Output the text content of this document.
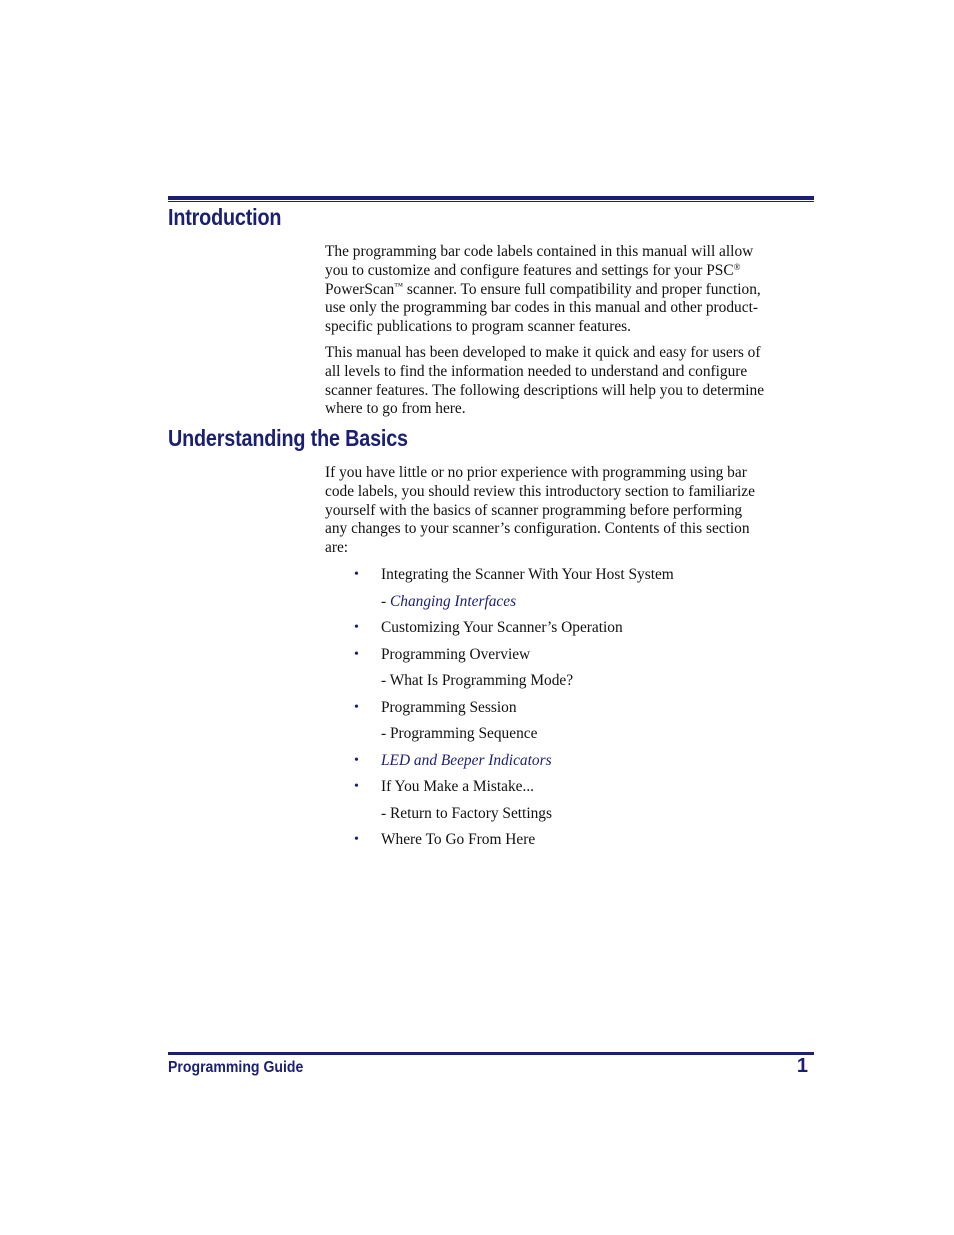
Introduction

The programming bar code labels contained in this manual will allow
you to customize and configure features and settings for your PSC®
PowerScan™ scanner. To ensure full compatibility and proper function,
use only the programming bar codes in this manual and other product-
specific publications to program scanner features.

This manual has been developed to make it quick and easy for users of
all levels to find the information needed to understand and configure
scanner features. The following descriptions will help you to determine
where to go from here.

Understanding the Basics

If you have little or no prior experience with programming using bar
code labels, you should review this introductory section to familiarize
yourself with the basics of scanner programming before performing
any changes to your scanner’s configuration. Contents of this section
are:

• Integrating the Scanner With Your Host System
- Changing Interfaces
• Customizing Your Scanner’s Operation
• Programming Overview
- What Is Programming Mode?
• Programming Session
- Programming Sequence
• LED and Beeper Indicators
• If You Make a Mistake...
- Return to Factory Settings
• Where To Go From Here
Programming Guide	1
